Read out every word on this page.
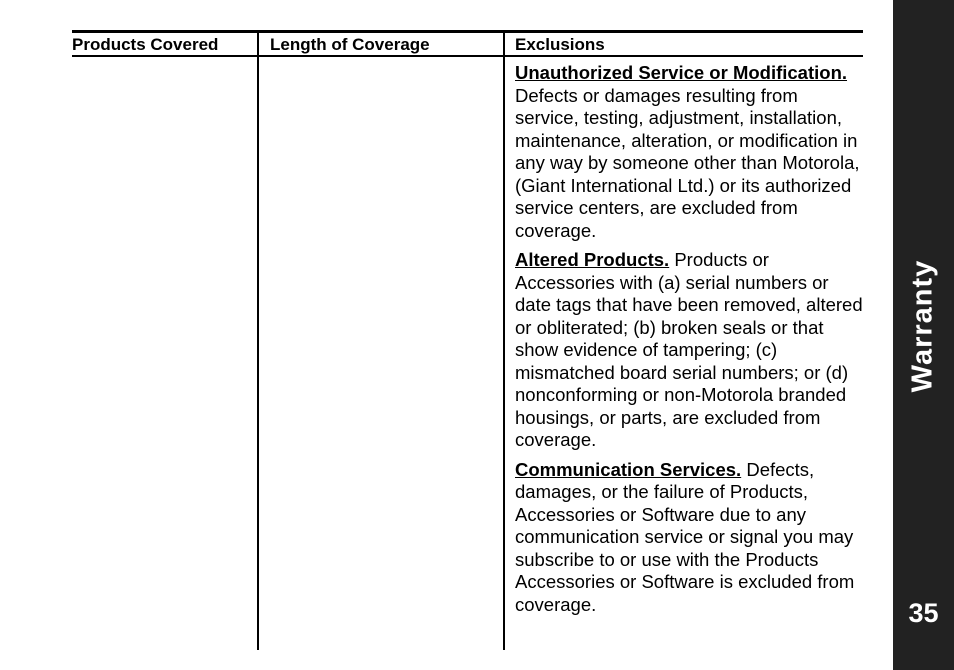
Products Covered	Length of Coverage	Exclusions

Unauthorized Service or Modification. Defects or damages resulting from service, testing, adjustment, installation, maintenance, alteration, or modification in any way by someone other than Motorola, (Giant International Ltd.) or its authorized service centers, are excluded from coverage.

Altered Products. Products or Accessories with (a) serial numbers or date tags that have been removed, altered or obliterated; (b) broken seals or that show evidence of tampering; (c) mismatched board serial numbers; or (d) nonconforming or non-Motorola branded housings, or parts, are excluded from coverage.

Communication Services. Defects, damages, or the failure of Products, Accessories or Software due to any communication service or signal you may subscribe to or use with the Products Accessories or Software is excluded from coverage.

Warranty
35
